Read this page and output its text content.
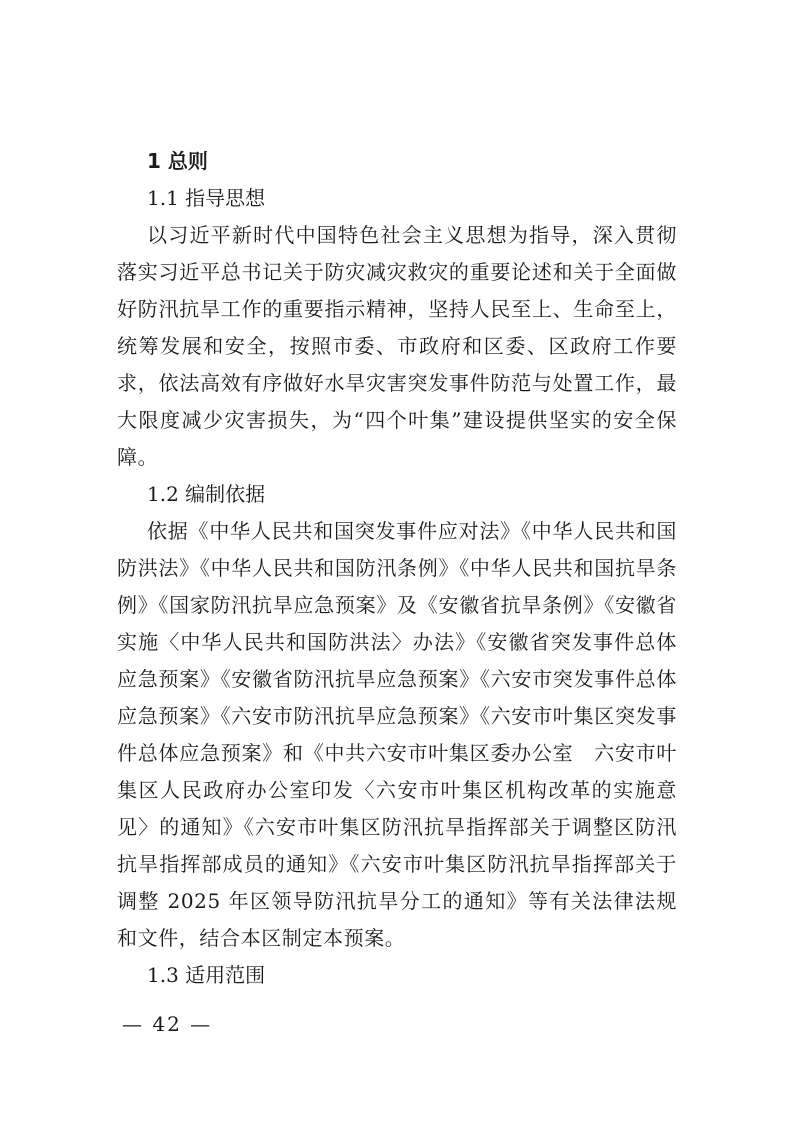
1 总则
1.1 指导思想

以习近平新时代中国特色社会主义思想为指导，深入贯彻落实习近平总书记关于防灾减灾救灾的重要论述和关于全面做好防汛抗旱工作的重要指示精神，坚持人民至上、生命至上，统筹发展和安全，按照市委、市政府和区委、区政府工作要求，依法高效有序做好水旱灾害突发事件防范与处置工作，最大限度减少灾害损失，为“四个叶集”建设提供坚实的安全保障。

1.2 编制依据

依据《中华人民共和国突发事件应对法》《中华人民共和国防洪法》《中华人民共和国防汛条例》《中华人民共和国抗旱条例》《国家防汛抗旱应急预案》及《安徽省抗旱条例》《安徽省实施〈中华人民共和国防洪法〉办法》《安徽省突发事件总体应急预案》《安徽省防汛抗旱应急预案》《六安市突发事件总体应急预案》《六安市防汛抗旱应急预案》《六安市叶集区突发事件总体应急预案》和《中共六安市叶集区委办公室　六安市叶集区人民政府办公室印发〈六安市叶集区机构改革的实施意见〉的通知》《六安市叶集区防汛抗旱指挥部关于调整区防汛抗旱指挥部成员的通知》《六安市叶集区防汛抗旱指挥部关于调整 2025 年区领导防汛抗旱分工的通知》等有关法律法规和文件，结合本区制定本预案。

1.3 适用范围
— 42 —
